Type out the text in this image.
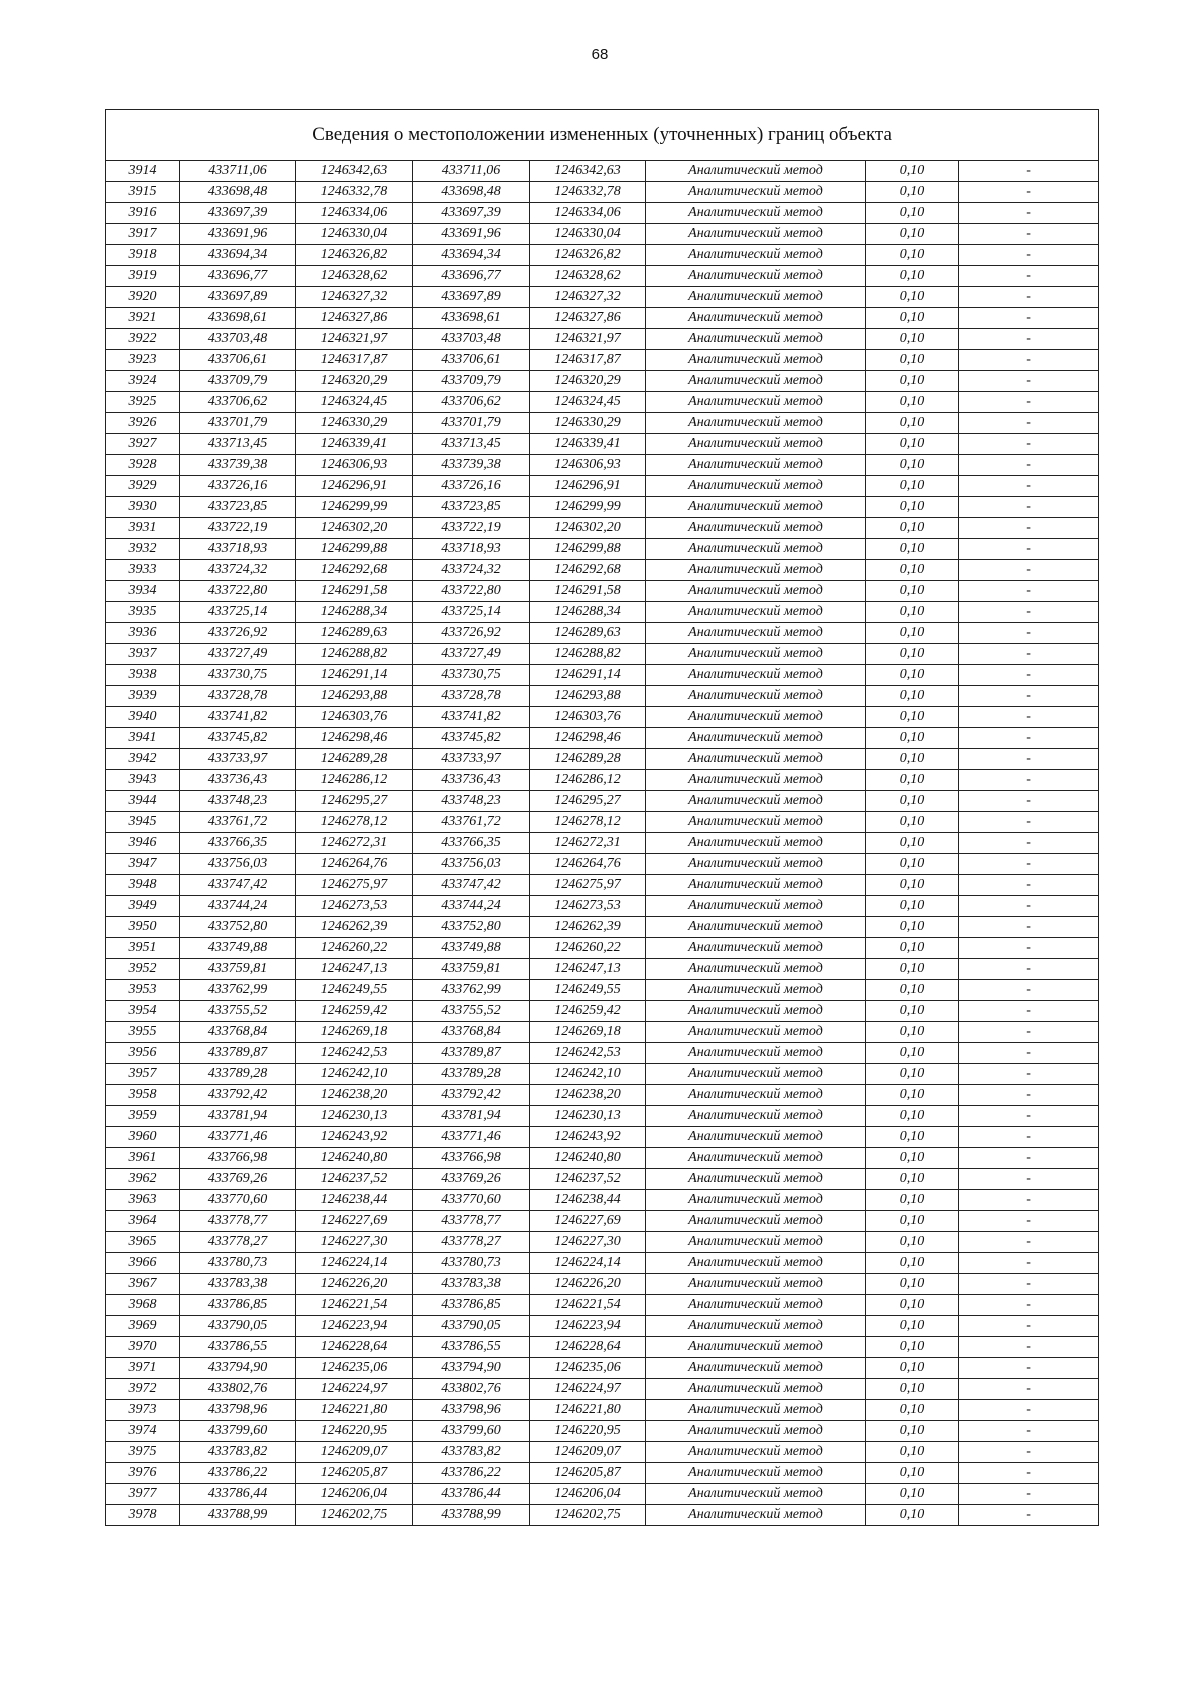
68
Сведения о местоположении измененных (уточненных) границ объекта							
3914	433711,06	1246342,63	433711,06	1246342,63	Аналитический метод	0,10	-
3915	433698,48	1246332,78	433698,48	1246332,78	Аналитический метод	0,10	-
3916	433697,39	1246334,06	433697,39	1246334,06	Аналитический метод	0,10	-
3917	433691,96	1246330,04	433691,96	1246330,04	Аналитический метод	0,10	-
3918	433694,34	1246326,82	433694,34	1246326,82	Аналитический метод	0,10	-
3919	433696,77	1246328,62	433696,77	1246328,62	Аналитический метод	0,10	-
3920	433697,89	1246327,32	433697,89	1246327,32	Аналитический метод	0,10	-
3921	433698,61	1246327,86	433698,61	1246327,86	Аналитический метод	0,10	-
3922	433703,48	1246321,97	433703,48	1246321,97	Аналитический метод	0,10	-
3923	433706,61	1246317,87	433706,61	1246317,87	Аналитический метод	0,10	-
3924	433709,79	1246320,29	433709,79	1246320,29	Аналитический метод	0,10	-
3925	433706,62	1246324,45	433706,62	1246324,45	Аналитический метод	0,10	-
3926	433701,79	1246330,29	433701,79	1246330,29	Аналитический метод	0,10	-
3927	433713,45	1246339,41	433713,45	1246339,41	Аналитический метод	0,10	-
3928	433739,38	1246306,93	433739,38	1246306,93	Аналитический метод	0,10	-
3929	433726,16	1246296,91	433726,16	1246296,91	Аналитический метод	0,10	-
3930	433723,85	1246299,99	433723,85	1246299,99	Аналитический метод	0,10	-
3931	433722,19	1246302,20	433722,19	1246302,20	Аналитический метод	0,10	-
3932	433718,93	1246299,88	433718,93	1246299,88	Аналитический метод	0,10	-
3933	433724,32	1246292,68	433724,32	1246292,68	Аналитический метод	0,10	-
3934	433722,80	1246291,58	433722,80	1246291,58	Аналитический метод	0,10	-
3935	433725,14	1246288,34	433725,14	1246288,34	Аналитический метод	0,10	-
3936	433726,92	1246289,63	433726,92	1246289,63	Аналитический метод	0,10	-
3937	433727,49	1246288,82	433727,49	1246288,82	Аналитический метод	0,10	-
3938	433730,75	1246291,14	433730,75	1246291,14	Аналитический метод	0,10	-
3939	433728,78	1246293,88	433728,78	1246293,88	Аналитический метод	0,10	-
3940	433741,82	1246303,76	433741,82	1246303,76	Аналитический метод	0,10	-
3941	433745,82	1246298,46	433745,82	1246298,46	Аналитический метод	0,10	-
3942	433733,97	1246289,28	433733,97	1246289,28	Аналитический метод	0,10	-
3943	433736,43	1246286,12	433736,43	1246286,12	Аналитический метод	0,10	-
3944	433748,23	1246295,27	433748,23	1246295,27	Аналитический метод	0,10	-
3945	433761,72	1246278,12	433761,72	1246278,12	Аналитический метод	0,10	-
3946	433766,35	1246272,31	433766,35	1246272,31	Аналитический метод	0,10	-
3947	433756,03	1246264,76	433756,03	1246264,76	Аналитический метод	0,10	-
3948	433747,42	1246275,97	433747,42	1246275,97	Аналитический метод	0,10	-
3949	433744,24	1246273,53	433744,24	1246273,53	Аналитический метод	0,10	-
3950	433752,80	1246262,39	433752,80	1246262,39	Аналитический метод	0,10	-
3951	433749,88	1246260,22	433749,88	1246260,22	Аналитический метод	0,10	-
3952	433759,81	1246247,13	433759,81	1246247,13	Аналитический метод	0,10	-
3953	433762,99	1246249,55	433762,99	1246249,55	Аналитический метод	0,10	-
3954	433755,52	1246259,42	433755,52	1246259,42	Аналитический метод	0,10	-
3955	433768,84	1246269,18	433768,84	1246269,18	Аналитический метод	0,10	-
3956	433789,87	1246242,53	433789,87	1246242,53	Аналитический метод	0,10	-
3957	433789,28	1246242,10	433789,28	1246242,10	Аналитический метод	0,10	-
3958	433792,42	1246238,20	433792,42	1246238,20	Аналитический метод	0,10	-
3959	433781,94	1246230,13	433781,94	1246230,13	Аналитический метод	0,10	-
3960	433771,46	1246243,92	433771,46	1246243,92	Аналитический метод	0,10	-
3961	433766,98	1246240,80	433766,98	1246240,80	Аналитический метод	0,10	-
3962	433769,26	1246237,52	433769,26	1246237,52	Аналитический метод	0,10	-
3963	433770,60	1246238,44	433770,60	1246238,44	Аналитический метод	0,10	-
3964	433778,77	1246227,69	433778,77	1246227,69	Аналитический метод	0,10	-
3965	433778,27	1246227,30	433778,27	1246227,30	Аналитический метод	0,10	-
3966	433780,73	1246224,14	433780,73	1246224,14	Аналитический метод	0,10	-
3967	433783,38	1246226,20	433783,38	1246226,20	Аналитический метод	0,10	-
3968	433786,85	1246221,54	433786,85	1246221,54	Аналитический метод	0,10	-
3969	433790,05	1246223,94	433790,05	1246223,94	Аналитический метод	0,10	-
3970	433786,55	1246228,64	433786,55	1246228,64	Аналитический метод	0,10	-
3971	433794,90	1246235,06	433794,90	1246235,06	Аналитический метод	0,10	-
3972	433802,76	1246224,97	433802,76	1246224,97	Аналитический метод	0,10	-
3973	433798,96	1246221,80	433798,96	1246221,80	Аналитический метод	0,10	-
3974	433799,60	1246220,95	433799,60	1246220,95	Аналитический метод	0,10	-
3975	433783,82	1246209,07	433783,82	1246209,07	Аналитический метод	0,10	-
3976	433786,22	1246205,87	433786,22	1246205,87	Аналитический метод	0,10	-
3977	433786,44	1246206,04	433786,44	1246206,04	Аналитический метод	0,10	-
3978	433788,99	1246202,75	433788,99	1246202,75	Аналитический метод	0,10	-
